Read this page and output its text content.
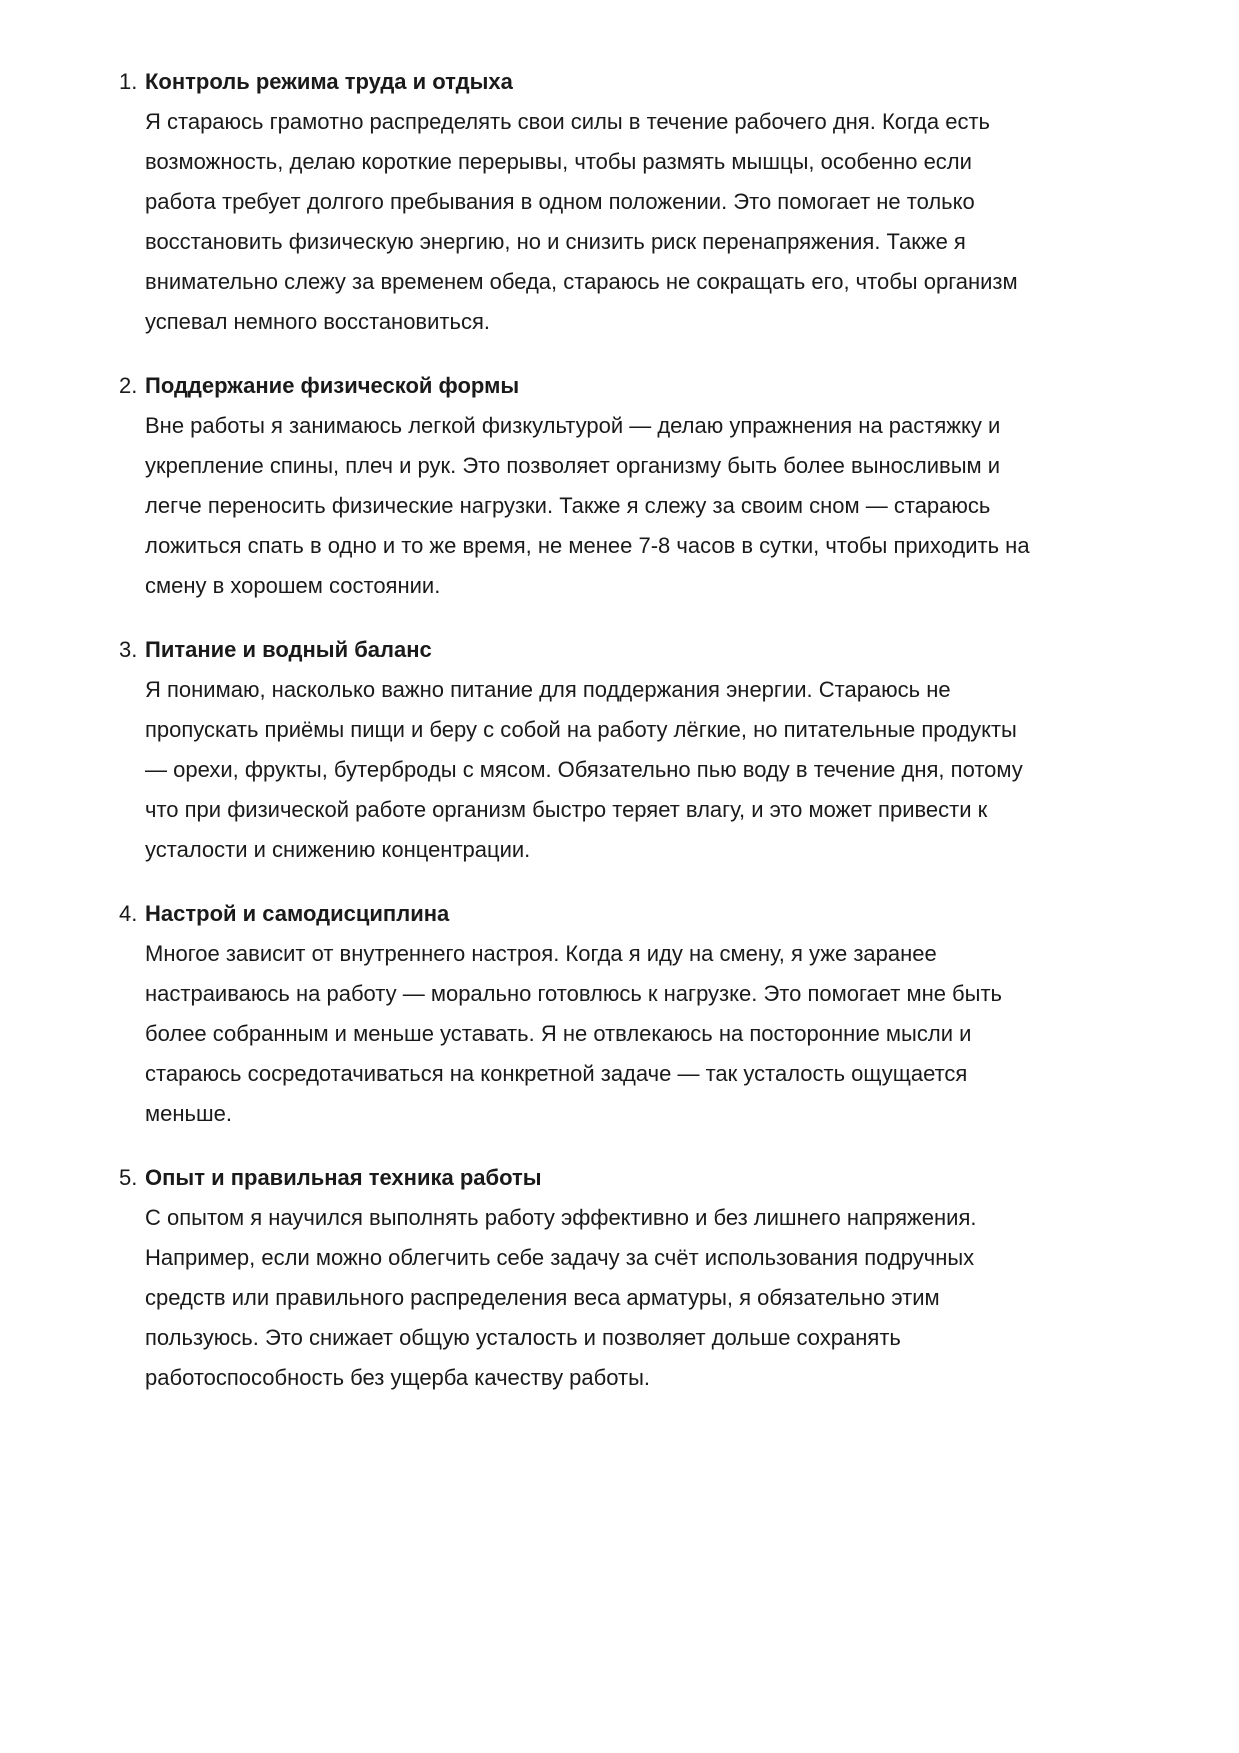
1. Контроль режима труда и отдыха
Я стараюсь грамотно распределять свои силы в течение рабочего дня. Когда есть
возможность, делаю короткие перерывы, чтобы размять мышцы, особенно если
работа требует долгого пребывания в одном положении. Это помогает не только
восстановить физическую энергию, но и снизить риск перенапряжения. Также я
внимательно слежу за временем обеда, стараюсь не сокращать его, чтобы организм
успевал немного восстановиться.
2. Поддержание физической формы
Вне работы я занимаюсь легкой физкультурой — делаю упражнения на растяжку и
укрепление спины, плеч и рук. Это позволяет организму быть более выносливым и
легче переносить физические нагрузки. Также я слежу за своим сном — стараюсь
ложиться спать в одно и то же время, не менее 7-8 часов в сутки, чтобы приходить на
смену в хорошем состоянии.
3. Питание и водный баланс
Я понимаю, насколько важно питание для поддержания энергии. Стараюсь не
пропускать приёмы пищи и беру с собой на работу лёгкие, но питательные продукты
— орехи, фрукты, бутерброды с мясом. Обязательно пью воду в течение дня, потому
что при физической работе организм быстро теряет влагу, и это может привести к
усталости и снижению концентрации.
4. Настрой и самодисциплина
Многое зависит от внутреннего настроя. Когда я иду на смену, я уже заранее
настраиваюсь на работу — морально готовлюсь к нагрузке. Это помогает мне быть
более собранным и меньше уставать. Я не отвлекаюсь на посторонние мысли и
стараюсь сосредотачиваться на конкретной задаче — так усталость ощущается
меньше.
5. Опыт и правильная техника работы
С опытом я научился выполнять работу эффективно и без лишнего напряжения.
Например, если можно облегчить себе задачу за счёт использования подручных
средств или правильного распределения веса арматуры, я обязательно этим
пользуюсь. Это снижает общую усталость и позволяет дольше сохранять
работоспособность без ущерба качеству работы.
